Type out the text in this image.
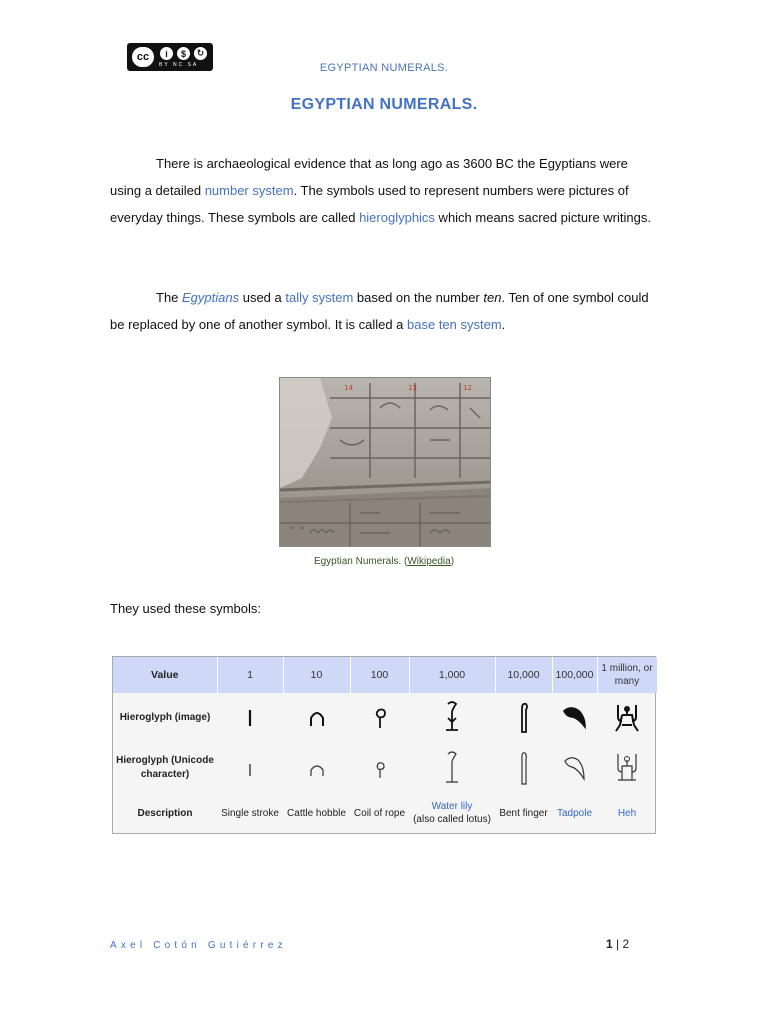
cc	i	$	↻
BY NC SA	EGYPTIAN NUMERALS.
EGYPTIAN NUMERALS.
There is archaeological evidence that as long ago as 3600 BC the Egyptians were using a detailed number system. The symbols used to represent numbers were pictures of everyday things. These symbols are called hieroglyphics which means sacred picture writings.
The Egyptians used a tally system based on the number ten. Ten of one symbol could be replaced by one of another symbol. It is called a base ten system.
14	13	12
Egyptian Numerals. (Wikipedia)
They used these symbols:
Value	1	10	100	1,000	10,000	100,000	1 million, or many
Hieroglyph (image)	

Hieroglyph (Unicode character)	

Description	Single stroke	Cattle hobble	Coil of rope	Water lily
(also called lotus)	Bent finger	Tadpole	Heh
Axel Cotón Gutiérrez	1 | 2
